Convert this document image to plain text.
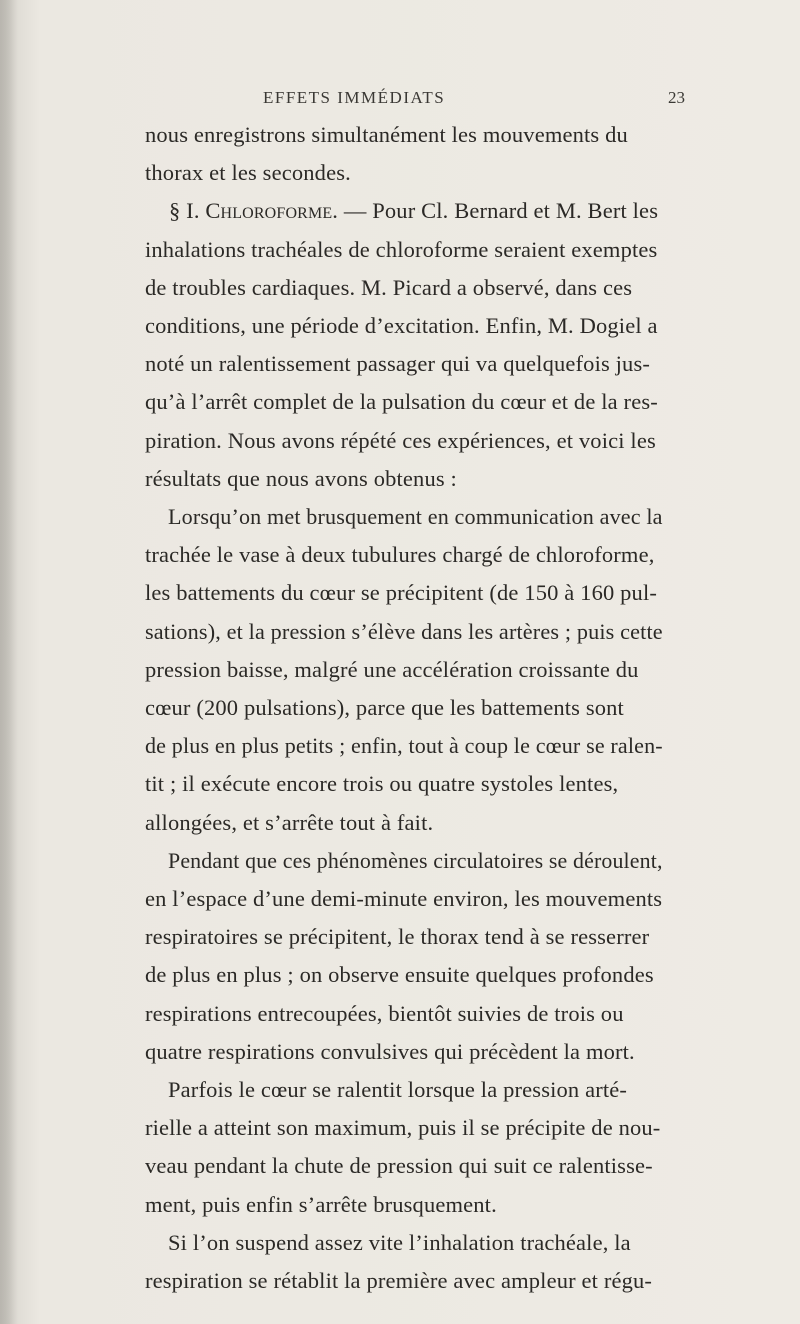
EFFETS IMMÉDIATS	23
nous enregistrons simultanément les mouvements du
thorax et les secondes.
§ I. Chloroforme. — Pour Cl. Bernard et M. Bert les
inhalations trachéales de chloroforme seraient exemptes
de troubles cardiaques. M. Picard a observé, dans ces
conditions, une période d’excitation. Enfin, M. Dogiel a
noté un ralentissement passager qui va quelquefois jus-
qu’à l’arrêt complet de la pulsation du cœur et de la res-
piration. Nous avons répété ces expériences, et voici les
résultats que nous avons obtenus :
Lorsqu’on met brusquement en communication avec la
trachée le vase à deux tubulures chargé de chloroforme,
les battements du cœur se précipitent (de 150 à 160 pul-
sations), et la pression s’élève dans les artères ; puis cette
pression baisse, malgré une accélération croissante du
cœur (200 pulsations), parce que les battements sont
de plus en plus petits ; enfin, tout à coup le cœur se ralen-
tit ; il exécute encore trois ou quatre systoles lentes,
allongées, et s’arrête tout à fait.
Pendant que ces phénomènes circulatoires se déroulent,
en l’espace d’une demi-minute environ, les mouvements
respiratoires se précipitent, le thorax tend à se resserrer
de plus en plus ; on observe ensuite quelques profondes
respirations entrecoupées, bientôt suivies de trois ou
quatre respirations convulsives qui précèdent la mort.
Parfois le cœur se ralentit lorsque la pression arté-
rielle a atteint son maximum, puis il se précipite de nou-
veau pendant la chute de pression qui suit ce ralentisse-
ment, puis enfin s’arrête brusquement.
Si l’on suspend assez vite l’inhalation trachéale, la
respiration se rétablit la première avec ampleur et régu-
